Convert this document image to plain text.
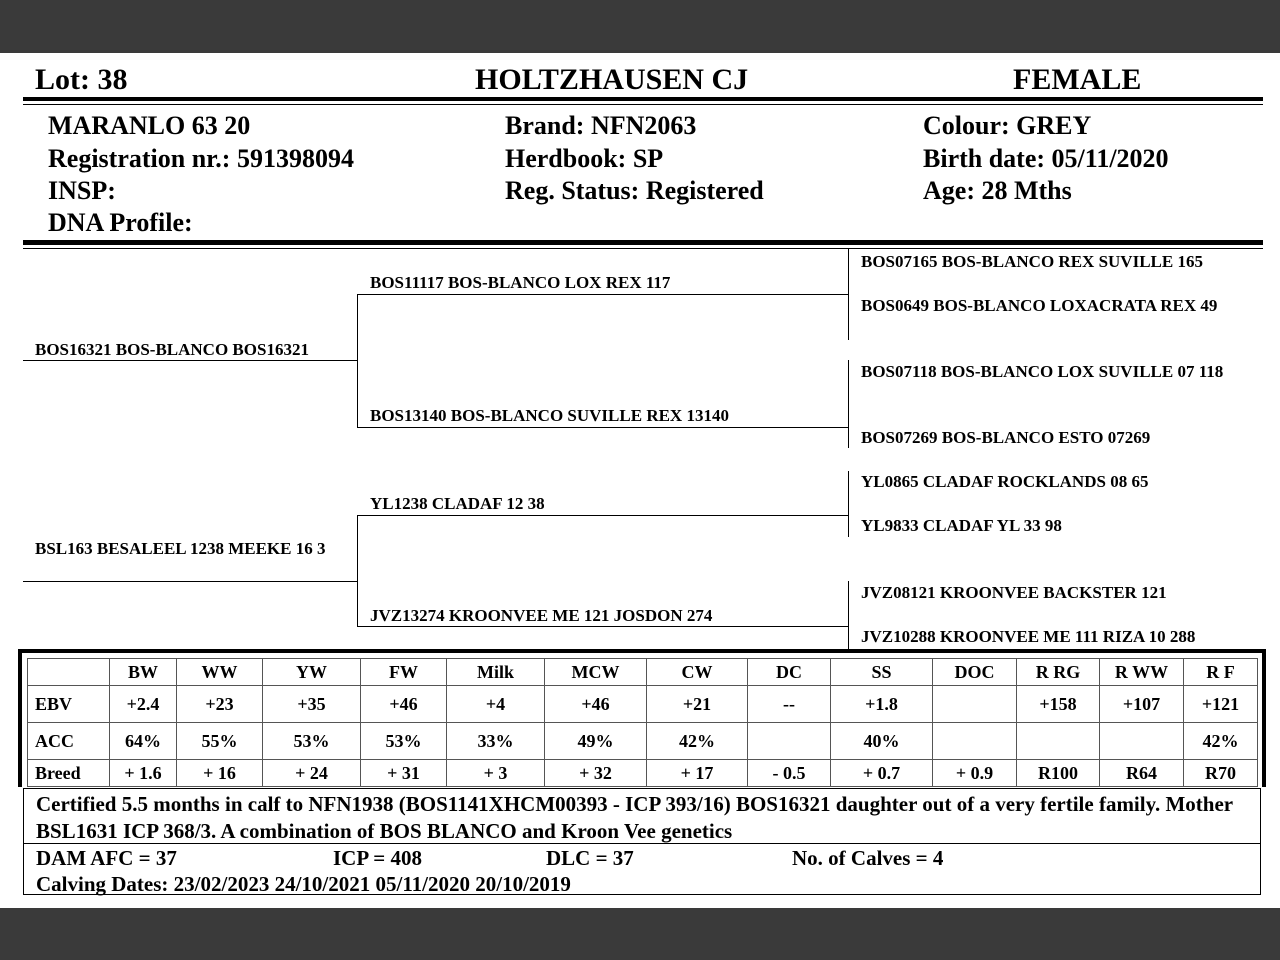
Lot: 38	HOLTZHAUSEN CJ	FEMALE
MARANLO 63 20
Registration nr.: 591398094
INSP:
DNA Profile:
Brand: NFN2063
Herdbook: SP
Reg. Status: Registered
Colour: GREY
Birth date: 05/11/2020
Age: 28 Mths
BOS16321 BOS-BLANCO BOS16321
BSL163 BESALEEL 1238 MEEKE 16 3
BOS11117 BOS-BLANCO LOX REX 117
BOS13140 BOS-BLANCO SUVILLE REX 13140
YL1238 CLADAF 12 38
JVZ13274 KROONVEE ME 121 JOSDON 274
BOS07165 BOS-BLANCO REX SUVILLE 165
BOS0649 BOS-BLANCO LOXACRATA REX 49
BOS07118 BOS-BLANCO LOX SUVILLE 07 118
BOS07269 BOS-BLANCO ESTO 07269
YL0865 CLADAF ROCKLANDS 08 65
YL9833 CLADAF YL 33 98
JVZ08121 KROONVEE BACKSTER 121
JVZ10288 KROONVEE ME 111 RIZA 10 288
	BW	WW	YW	FW	Milk	MCW	CW	DC	SS	DOC	R RG	R WW	R F
EBV	+2.4	+23	+35	+46	+4	+46	+21	--	+1.8		+158	+107	+121
ACC	64%	55%	53%	53%	33%	49%	42%		40%				42%
Breed	+ 1.6	+ 16	+ 24	+ 31	+ 3	+ 32	+ 17	- 0.5	+ 0.7	+ 0.9	R100	R64	R70
Certified 5.5 months in calf to NFN1938 (BOS1141XHCM00393 - ICP 393/16) BOS16321 daughter out of a very fertile family. Mother BSL1631 ICP 368/3. A combination of BOS BLANCO and Kroon Vee genetics
DAM AFC = 37	ICP = 408	DLC = 37	No. of Calves = 4
Calving Dates: 23/02/2023 24/10/2021 05/11/2020 20/10/2019
